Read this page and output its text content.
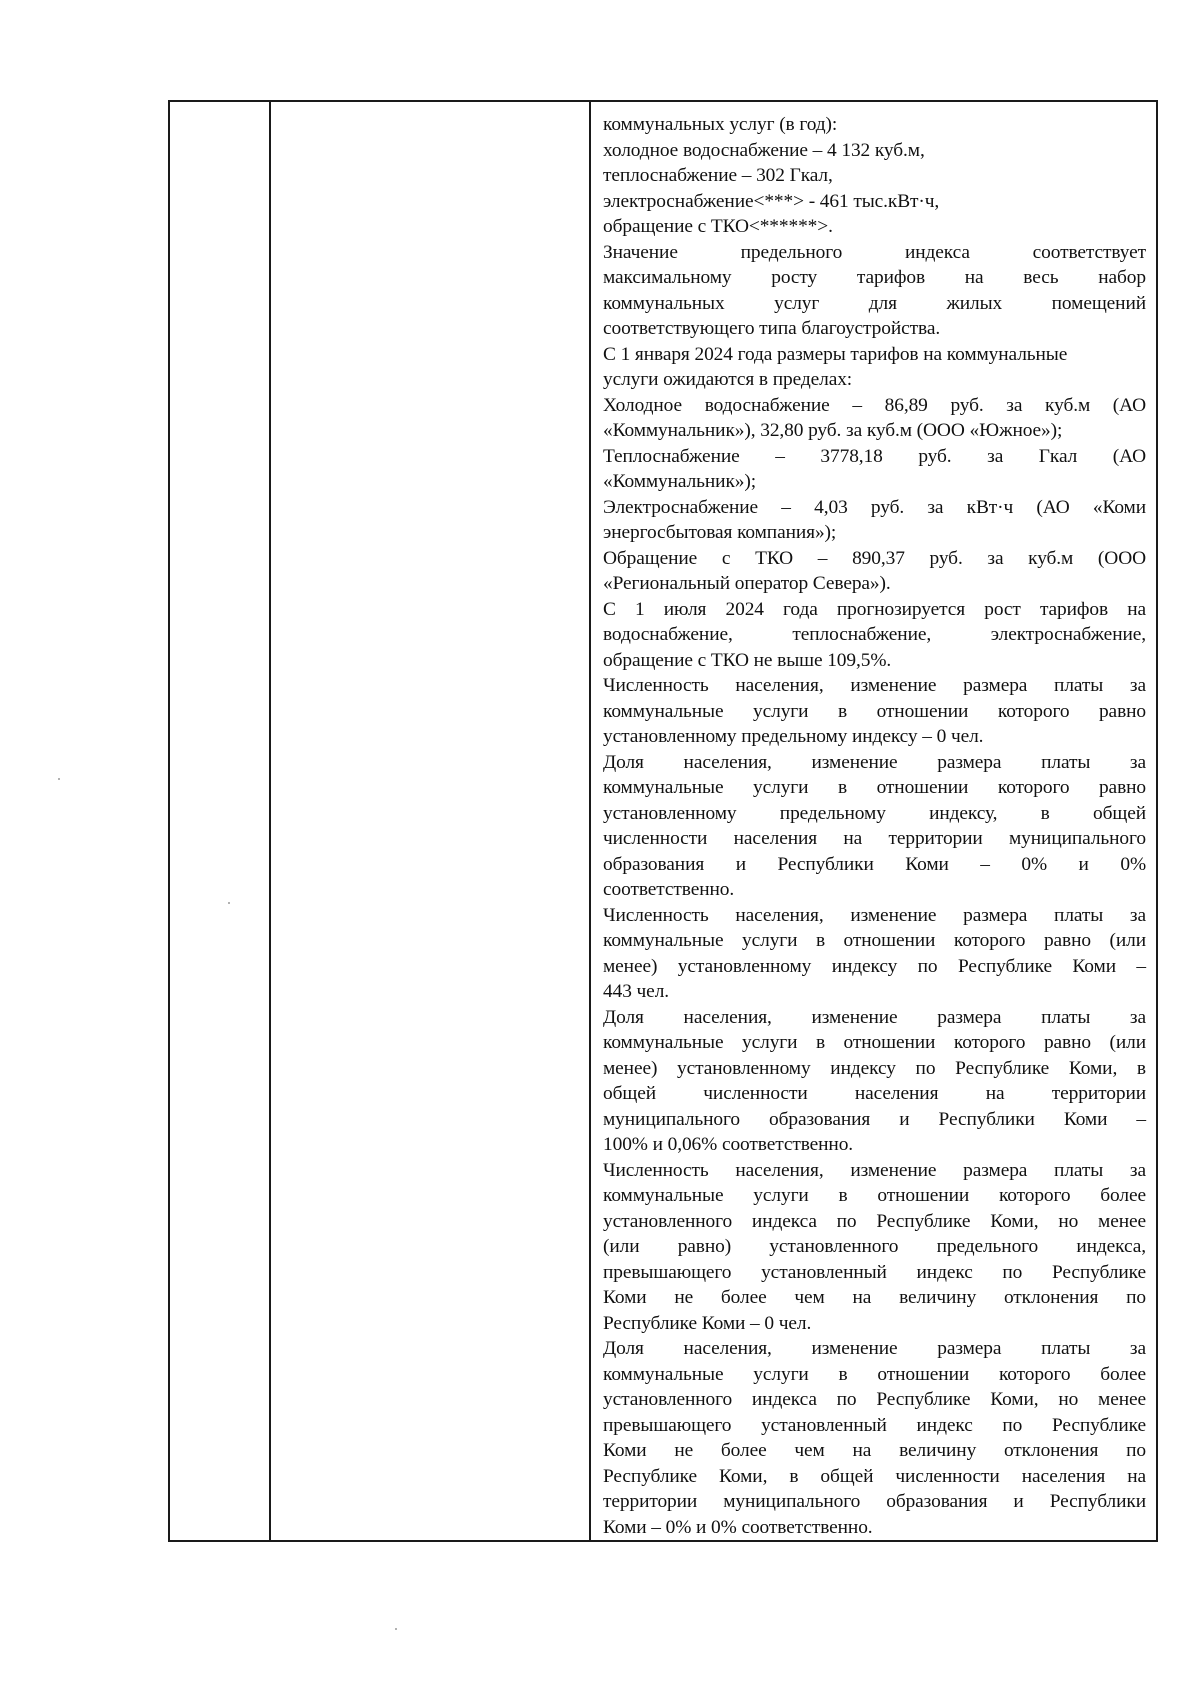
коммунальных услуг (в год):
холодное водоснабжение – 4 132 куб.м,
теплоснабжение – 302 Гкал,
электроснабжение<***> - 461 тыс.кВт·ч,
обращение с ТКО<******>.
Значение предельного индекса соответствует
максимальному росту тарифов на весь набор
коммунальных услуг для жилых помещений
соответствующего типа благоустройства.
С 1 января 2024 года размеры тарифов на коммунальные
услуги ожидаются в пределах:
Холодное водоснабжение – 86,89 руб. за куб.м (АО
«Коммунальник»), 32,80 руб. за куб.м (ООО «Южное»);
Теплоснабжение – 3778,18 руб. за Гкал (АО
«Коммунальник»);
Электроснабжение – 4,03 руб. за кВт·ч (АО «Коми
энергосбытовая компания»);
Обращение с ТКО – 890,37 руб. за куб.м (ООО
«Региональный оператор Севера»).
С 1 июля 2024 года прогнозируется рост тарифов на
водоснабжение, теплоснабжение, электроснабжение,
обращение с ТКО не выше 109,5%.
Численность населения, изменение размера платы за
коммунальные услуги в отношении которого равно
установленному предельному индексу – 0 чел.
Доля населения, изменение размера платы за
коммунальные услуги в отношении которого равно
установленному предельному индексу, в общей
численности населения на территории муниципального
образования и Республики Коми – 0% и 0%
соответственно.
Численность населения, изменение размера платы за
коммунальные услуги в отношении которого равно (или
менее) установленному индексу по Республике Коми –
443 чел.
Доля населения, изменение размера платы за
коммунальные услуги в отношении которого равно (или
менее) установленному индексу по Республике Коми, в
общей численности населения на территории
муниципального образования и Республики Коми –
100% и 0,06% соответственно.
Численность населения, изменение размера платы за
коммунальные услуги в отношении которого более
установленного индекса по Республике Коми, но менее
(или равно) установленного предельного индекса,
превышающего установленный индекс по Республике
Коми не более чем на величину отклонения по
Республике Коми – 0 чел.
Доля населения, изменение размера платы за
коммунальные услуги в отношении которого более
установленного индекса по Республике Коми, но менее
превышающего установленный индекс по Республике
Коми не более чем на величину отклонения по
Республике Коми, в общей численности населения на
территории муниципального образования и Республики
Коми – 0% и 0% соответственно.
